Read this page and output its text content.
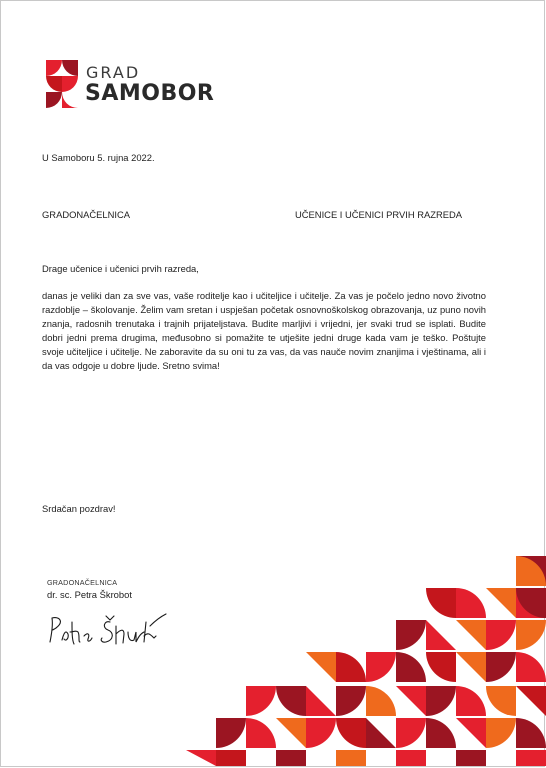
GRAD
SAMOBOR
U Samoboru 5. rujna 2022.
GRADONAČELNICA	UČENICE I UČENICI PRVIH RAZREDA
Drage učenice i učenici prvih razreda,
danas je veliki dan za sve vas, vaše roditelje kao i učiteljice i učitelje. Za vas je počelo jedno novo životno razdoblje – školovanje. Želim vam sretan i uspješan početak osnovnoškolskog obrazovanja, uz puno novih znanja, radosnih trenutaka i trajnih prijateljstava. Budite marljivi i vrijedni, jer svaki trud se isplati. Budite dobri jedni prema drugima, međusobno si pomažite te utješite jedni druge kada vam je teško. Poštujte svoje učiteljice i učitelje. Ne zaboravite da su oni tu za vas, da vas nauče novim znanjima i vještinama, ali i da vas odgoje u dobre ljude. Sretno svima!
Srdačan pozdrav!
GRADONAČELNICA
dr. sc. Petra Škrobot
